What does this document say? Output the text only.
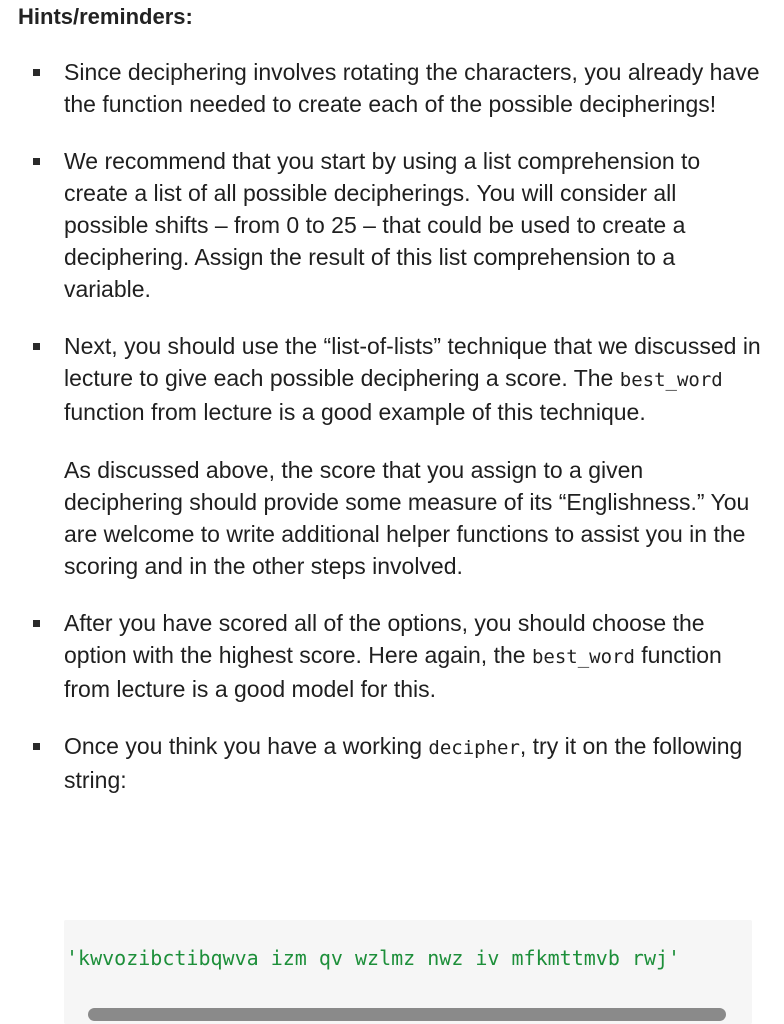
Hints/reminders:
Since deciphering involves rotating the characters, you already have the function needed to create each of the possible decipherings!
We recommend that you start by using a list comprehension to create a list of all possible decipherings. You will consider all possible shifts – from 0 to 25 – that could be used to create a deciphering. Assign the result of this list comprehension to a variable.
Next, you should use the “list-of-lists” technique that we discussed in lecture to give each possible deciphering a score. The best_word function from lecture is a good example of this technique.
As discussed above, the score that you assign to a given deciphering should provide some measure of its “Englishness.” You are welcome to write additional helper functions to assist you in the scoring and in the other steps involved.
After you have scored all of the options, you should choose the option with the highest score. Here again, the best_word function from lecture is a good model for this.
Once you think you have a working decipher, try it on the following string:
'kwvozibctibqwva izm qv wzlmz nwz iv mfkmttmvb rwj'
